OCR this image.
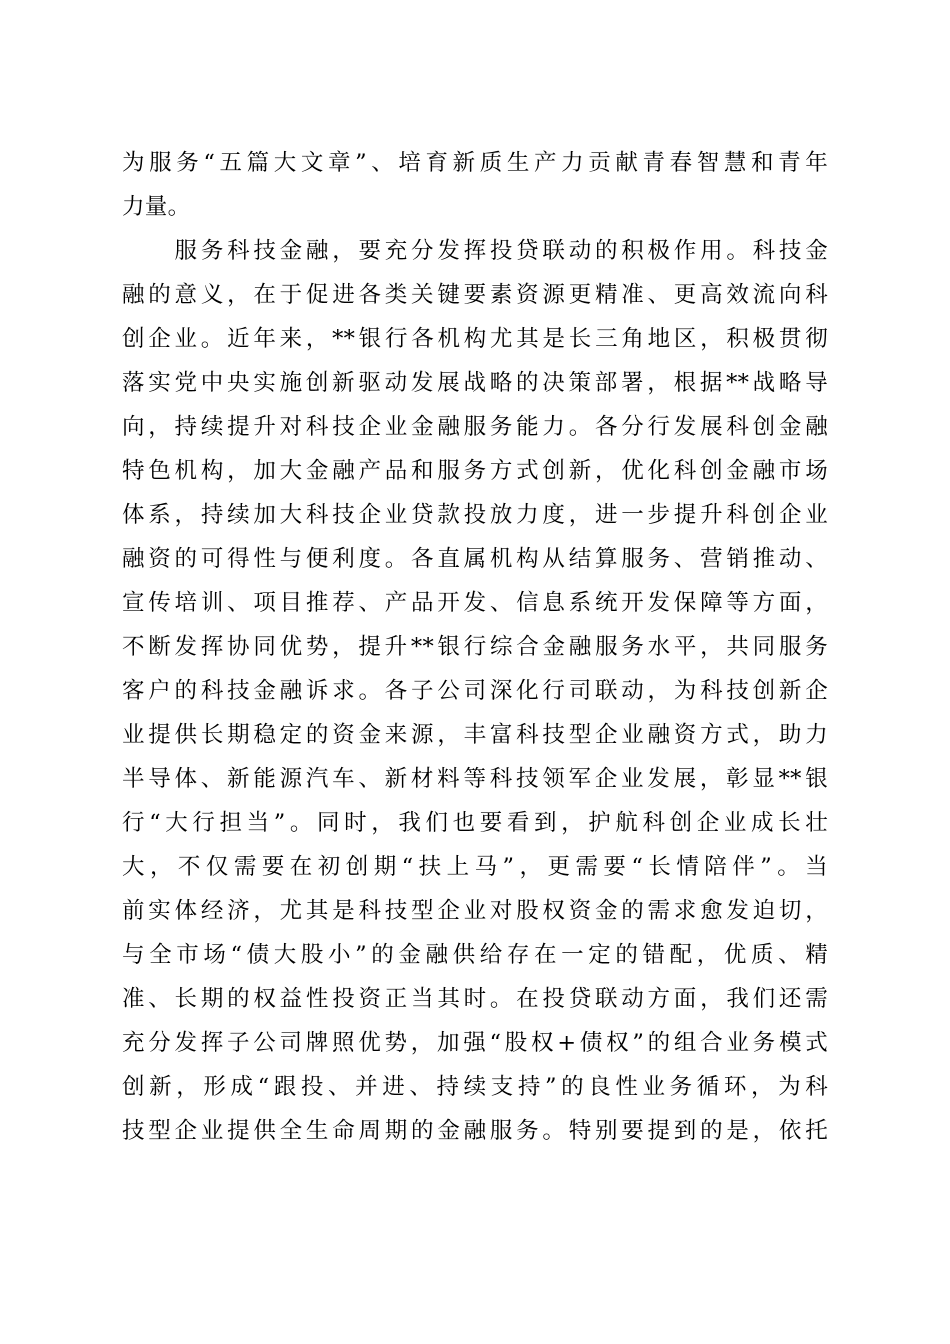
为服务“五篇大文章”、培育新质生产力贡献青春智慧和青年
力量。
　　服务科技金融，要充分发挥投贷联动的积极作用。科技金
融的意义，在于促进各类关键要素资源更精准、更高效流向科
创企业。近年来，**银行各机构尤其是长三角地区，积极贯彻
落实党中央实施创新驱动发展战略的决策部署，根据**战略导
向，持续提升对科技企业金融服务能力。各分行发展科创金融
特色机构，加大金融产品和服务方式创新，优化科创金融市场
体系，持续加大科技企业贷款投放力度，进一步提升科创企业
融资的可得性与便利度。各直属机构从结算服务、营销推动、
宣传培训、项目推荐、产品开发、信息系统开发保障等方面，
不断发挥协同优势，提升**银行综合金融服务水平，共同服务
客户的科技金融诉求。各子公司深化行司联动，为科技创新企
业提供长期稳定的资金来源，丰富科技型企业融资方式，助力
半导体、新能源汽车、新材料等科技领军企业发展，彰显**银
行“大行担当”。同时，我们也要看到，护航科创企业成长壮
大，不仅需要在初创期“扶上马”，更需要“长情陪伴”。当
前实体经济，尤其是科技型企业对股权资金的需求愈发迫切，
与全市场“债大股小”的金融供给存在一定的错配，优质、精
准、长期的权益性投资正当其时。在投贷联动方面，我们还需
充分发挥子公司牌照优势，加强“股权+债权”的组合业务模式
创新，形成“跟投、并进、持续支持”的良性业务循环，为科
技型企业提供全生命周期的金融服务。特别要提到的是，依托
